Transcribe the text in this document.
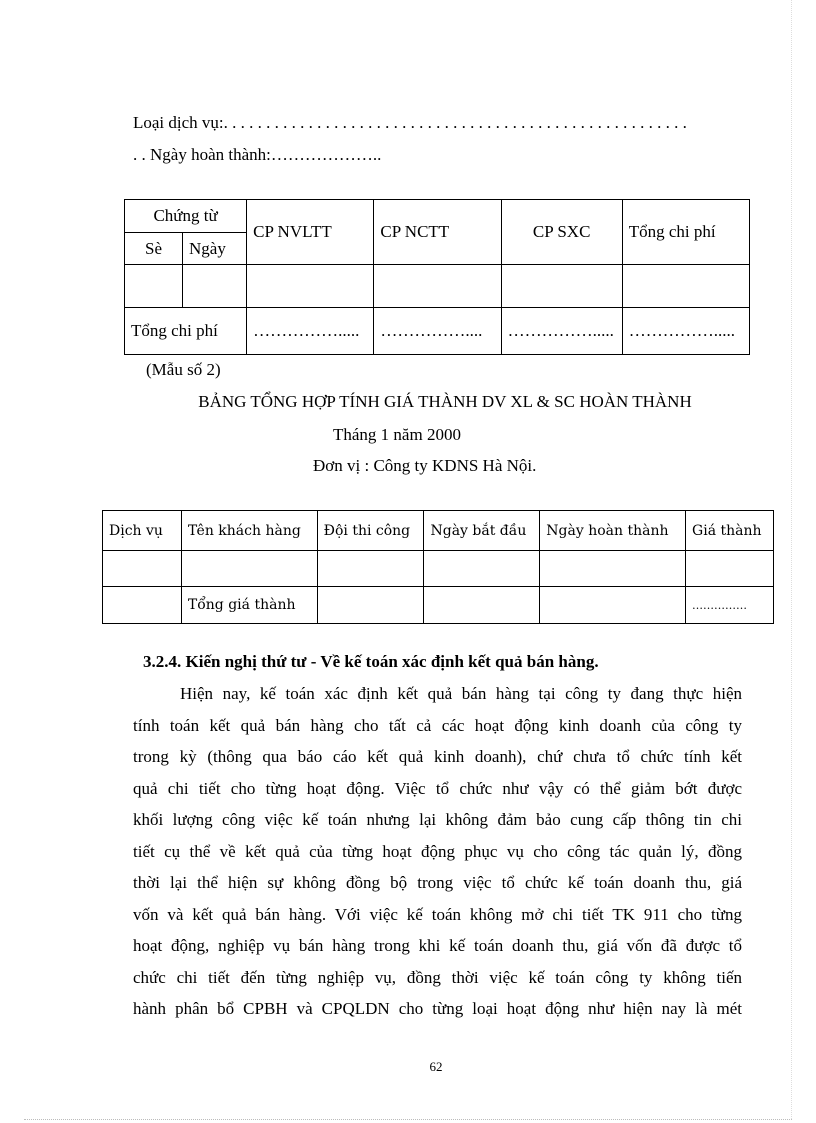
Loại dịch vụ:. . . . . . . . . . . . . . . . . . . . . . . . . . . . . . . . . . . . . . . . . . . . . . . . . . . . . . .
. . Ngày hoàn thành:………………..
Chứng từ		CP NVLTT	CP NCTT	CP SXC	Tổng chi phí
Sè	Ngày				

Tổng chi phí		…………….....	……………....	…………….....	…………….....
(Mẫu số 2)
BẢNG TỔNG HỢP TÍNH GIÁ THÀNH DV XL & SC HOÀN THÀNH
Tháng 1 năm 2000
Đơn vị : Công ty KDNS Hà Nội.
Dịch vụ	Tên khách hàng	Đội thi công	Ngày bắt đầu	Ngày hoàn thành	Giá thành

	Tổng giá thành				……………
3.2.4. Kiến nghị thứ tư - Về kế toán xác định kết quả bán hàng.
Hiện nay, kế toán xác định kết quả bán hàng tại công ty đang thực hiện
tính toán kết quả bán hàng cho tất cả các hoạt động kinh doanh của công ty
trong kỳ (thông qua báo cáo kết quả kinh doanh), chứ chưa tổ chức tính kết
quả chi tiết cho từng hoạt động. Việc tổ chức như vậy có thể giảm bớt được
khối lượng công việc kế toán nhưng lại không đảm bảo cung cấp thông tin chi
tiết cụ thể về kết quả của từng hoạt động phục vụ cho công tác quản lý, đồng
thời lại thể hiện sự không đồng bộ trong việc tổ chức kế toán doanh thu, giá
vốn và kết quả bán hàng. Với việc kế toán không mở chi tiết TK 911 cho từng
hoạt động, nghiệp vụ bán hàng trong khi kế toán doanh thu, giá vốn đã được tổ
chức chi tiết đến từng nghiệp vụ, đồng thời việc kế toán công ty không tiến
hành phân bổ CPBH và CPQLDN cho từng loại hoạt động như hiện nay là mét
62
